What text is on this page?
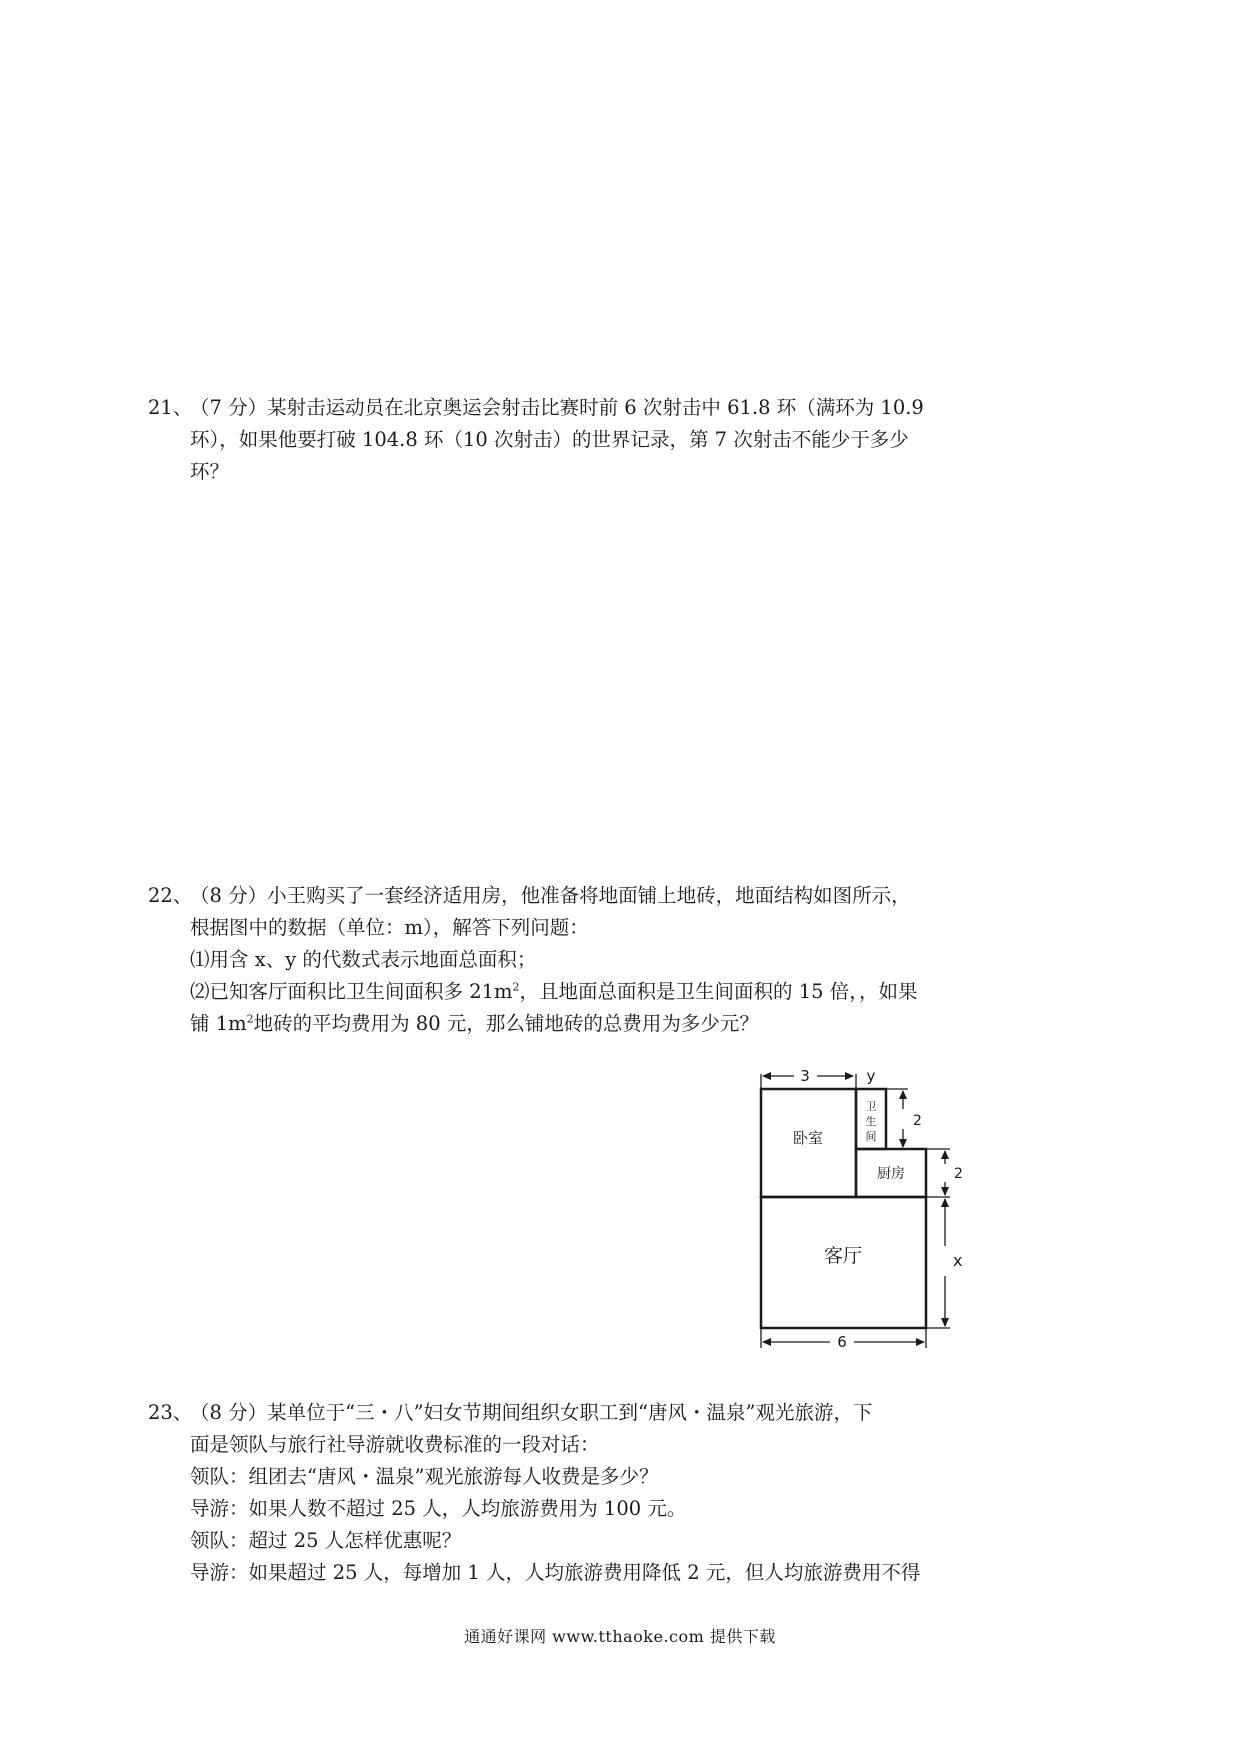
21、（7 分）某射击运动员在北京奥运会射击比赛时前 6 次射击中 61.8 环（满环为 10.9
环），如果他要打破 104.8 环（10 次射击）的世界记录，第 7 次射击不能少于多少
环？
22、（8 分）小王购买了一套经济适用房，他准备将地面铺上地砖，地面结构如图所示，
根据图中的数据（单位：m），解答下列问题：
⑴用含 x、y 的代数式表示地面总面积；
⑵已知客厅面积比卫生间面积多 $21m^2$，且地面总面积是卫生间面积的 15 倍，，如果
铺 $1m^2$地砖的平均费用为 80 元，那么铺地砖的总费用为多少元？
3	y
2
2
x
6
卧室
卫
生
间
厨房
客厅
23、（8 分）某单位于“三・八”妇女节期间组织女职工到“唐风・温泉”观光旅游，下
面是领队与旅行社导游就收费标准的一段对话：
领队：组团去“唐风・温泉”观光旅游每人收费是多少？
导游：如果人数不超过 25 人，人均旅游费用为 100 元。
领队：超过 25 人怎样优惠呢？
导游：如果超过 25 人，每增加 1 人，人均旅游费用降低 2 元，但人均旅游费用不得
通通好课网 www.tthaoke.com 提供下载
